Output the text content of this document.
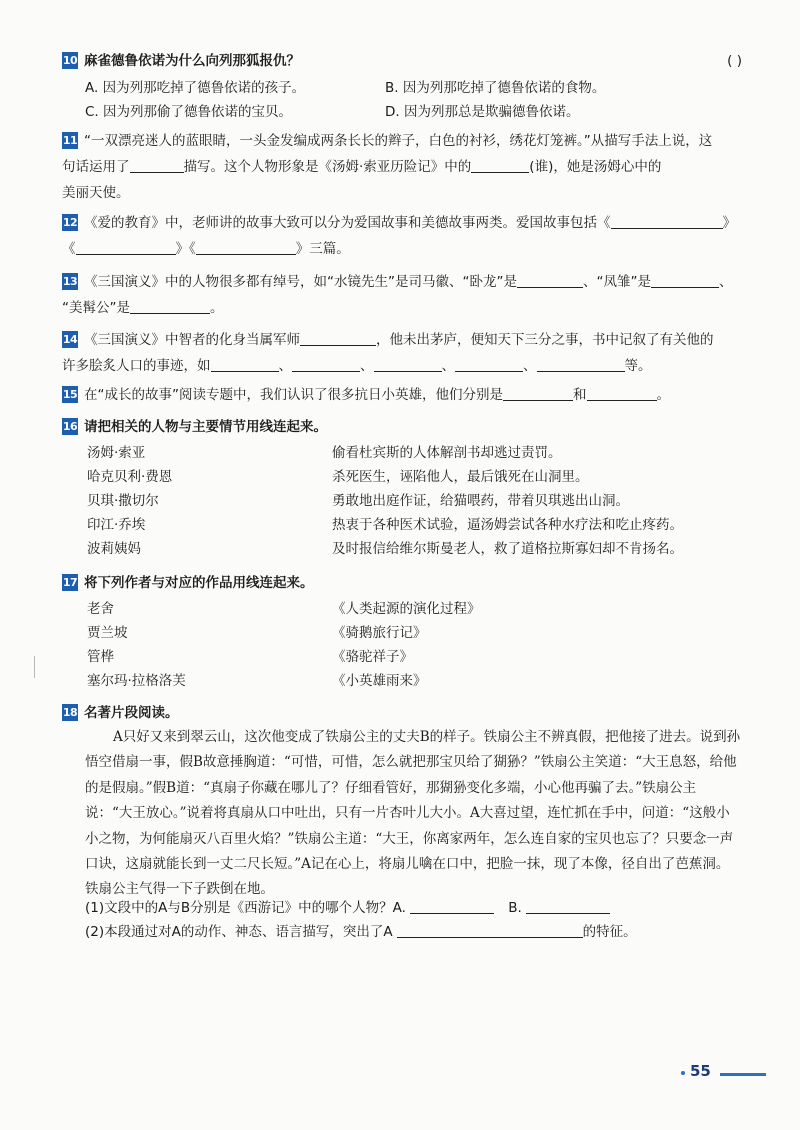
10 麻雀德鲁依诺为什么向列那狐报仇？	( )
A. 因为列那吃掉了德鲁依诺的孩子。	B. 因为列那吃掉了德鲁依诺的食物。
C. 因为列那偷了德鲁依诺的宝贝。	D. 因为列那总是欺骗德鲁依诺。
11 “一双漂亮迷人的蓝眼睛，一头金发编成两条长长的辫子，白色的衬衫，绣花灯笼裤。”从描写手法上说，这
句话运用了	描写。这个人物形象是《汤姆·索亚历险记》中的	(谁)，她是汤姆心中的
美丽天使。
12 《爱的教育》中，老师讲的故事大致可以分为爱国故事和美德故事两类。爱国故事包括《	》
《	》《	》三篇。
13 《三国演义》中的人物很多都有绰号，如“水镜先生”是司马徽、“卧龙”是	、“凤雏”是	、
“美髯公”是	。
14 《三国演义》中智者的化身当属军师	，他未出茅庐，便知天下三分之事，书中记叙了有关他的
许多脍炙人口的事迹，如	、	、	、	、	等。
15 在“成长的故事”阅读专题中，我们认识了很多抗日小英雄，他们分别是	和	。
16 请把相关的人物与主要情节用线连起来。
汤姆·索亚	偷看杜宾斯的人体解剖书却逃过责罚。
哈克贝利·费恩	杀死医生，诬陷他人，最后饿死在山洞里。
贝琪·撒切尔	勇敢地出庭作证，给猫喂药，带着贝琪逃出山洞。
印江·乔埃	热衷于各种医术试验，逼汤姆尝试各种水疗法和吃止疼药。
波莉姨妈	及时报信给维尔斯曼老人，救了道格拉斯寡妇却不肯扬名。
17 将下列作者与对应的作品用线连起来。
老舍	《人类起源的演化过程》
贾兰坡	《骑鹅旅行记》
管桦	《骆驼祥子》
塞尔玛·拉格洛芙	《小英雄雨来》
18 名著片段阅读。
A只好又来到翠云山，这次他变成了铁扇公主的丈夫B的样子。铁扇公主不辨真假，把他接了进去。说到孙悟空借扇一事，假B故意捶胸道：“可惜，可惜，怎么就把那宝贝给了猢狲？”铁扇公主笑道：“大王息怒，给他的是假扇。”假B道：“真扇子你藏在哪儿了？仔细看管好，那猢狲变化多端，小心他再骗了去。”铁扇公主说：“大王放心。”说着将真扇从口中吐出，只有一片杏叶儿大小。A大喜过望，连忙抓在手中，问道：“这般小小之物，为何能扇灭八百里火焰？”铁扇公主道：“大王，你离家两年，怎么连自家的宝贝也忘了？只要念一声口诀，这扇就能长到一丈二尺长短。”A记在心上，将扇儿噙在口中，把脸一抹，现了本像，径自出了芭蕉洞。铁扇公主气得一下子跌倒在地。
(1)文段中的A与B分别是《西游记》中的哪个人物？A.	B.
(2)本段通过对A的动作、神态、语言描写，突出了A	的特征。
55
